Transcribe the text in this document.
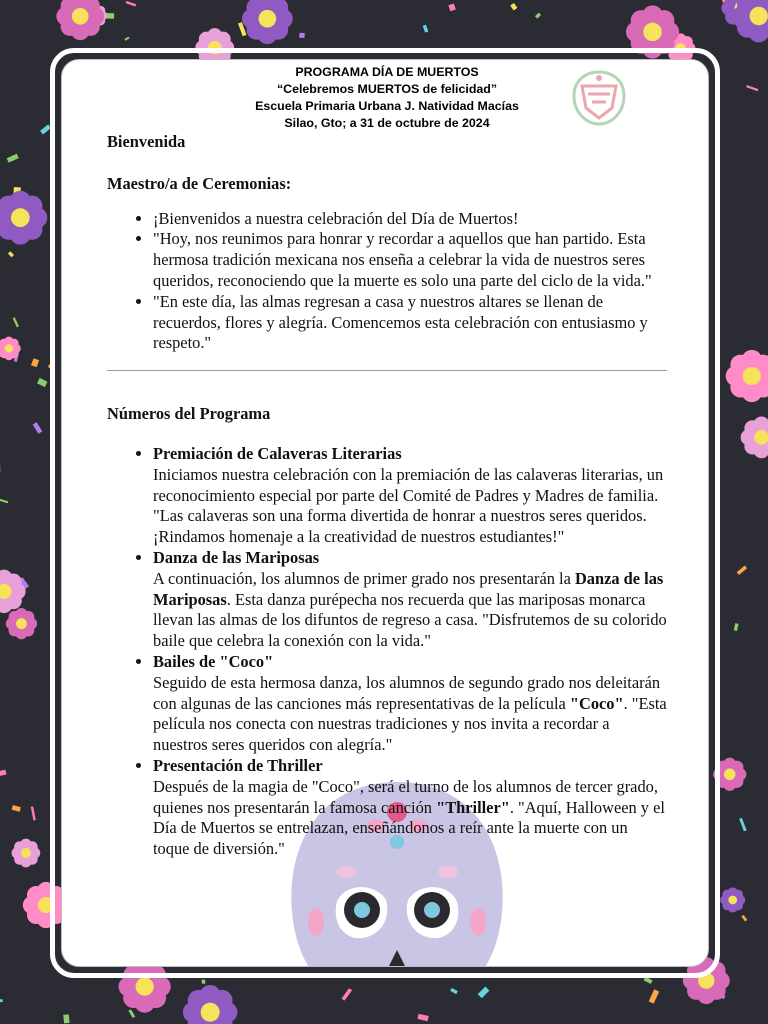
PROGRAMA DÍA DE MUERTOS
“Celebremos MUERTOS de felicidad”
Escuela Primaria Urbana J. Natividad Macías
Silao, Gto; a 31 de octubre de 2024

Bienvenida

Maestro/a de Ceremonias:

• ¡Bienvenidos a nuestra celebración del Día de Muertos!
• "Hoy, nos reunimos para honrar y recordar a aquellos que han partido. Esta hermosa tradición mexicana nos enseña a celebrar la vida de nuestros seres queridos, reconociendo que la muerte es solo una parte del ciclo de la vida."
• "En este día, las almas regresan a casa y nuestros altares se llenan de recuerdos, flores y alegría. Comencemos esta celebración con entusiasmo y respeto."

Números del Programa

• Premiación de Calaveras Literarias
Iniciamos nuestra celebración con la premiación de las calaveras literarias, un reconocimiento especial por parte del Comité de Padres y Madres de familia. "Las calaveras son una forma divertida de honrar a nuestros seres queridos. ¡Rindamos homenaje a la creatividad de nuestros estudiantes!"
• Danza de las Mariposas
A continuación, los alumnos de primer grado nos presentarán la Danza de las Mariposas. Esta danza purépecha nos recuerda que las mariposas monarca llevan las almas de los difuntos de regreso a casa. "Disfrutemos de su colorido baile que celebra la conexión con la vida."
• Bailes de "Coco"
Seguido de esta hermosa danza, los alumnos de segundo grado nos deleitarán con algunas de las canciones más representativas de la película "Coco". "Esta película nos conecta con nuestras tradiciones y nos invita a recordar a nuestros seres queridos con alegría."
• Presentación de Thriller
Después de la magia de "Coco", será el turno de los alumnos de tercer grado, quienes nos presentarán la famosa canción "Thriller". "Aquí, Halloween y el Día de Muertos se entrelazan, enseñándonos a reír ante la muerte con un toque de diversión."
